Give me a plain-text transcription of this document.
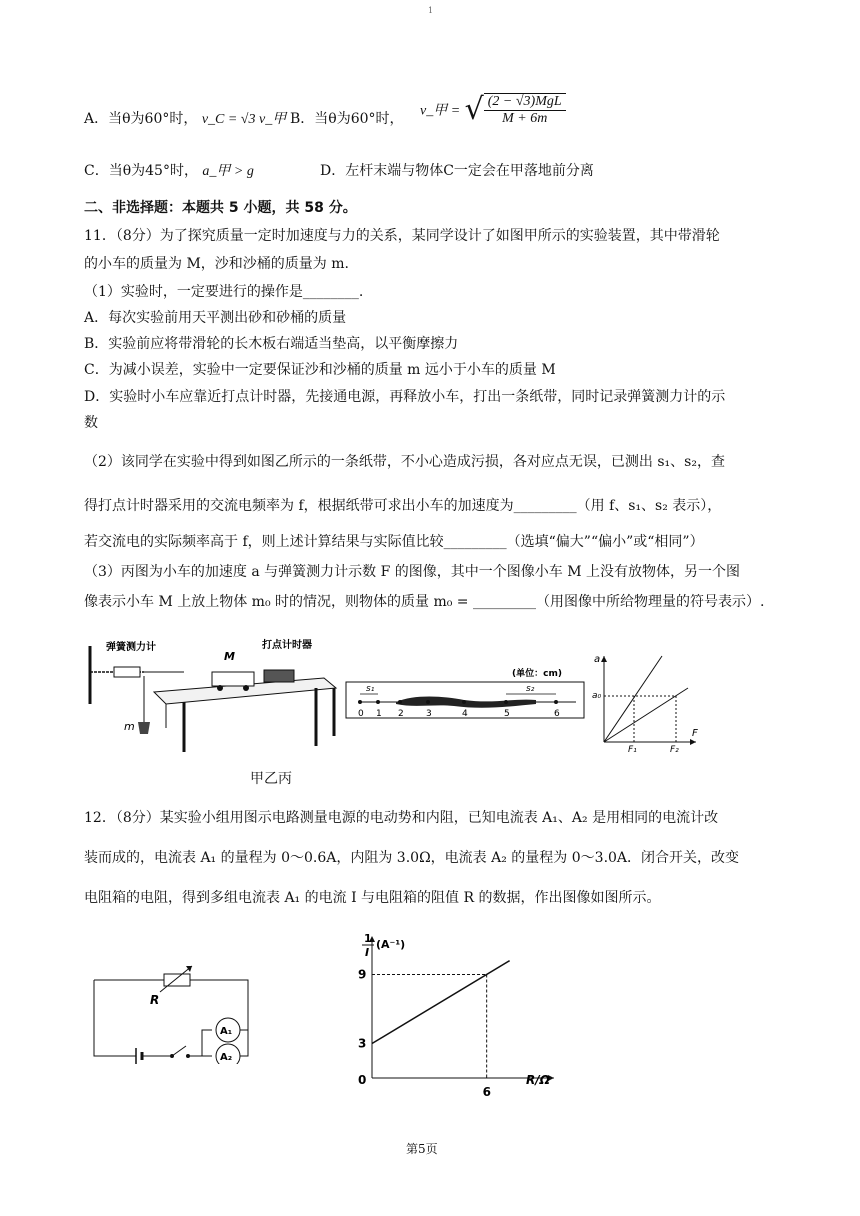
1
A．当θ为60°时， v_C = √3 v_甲 B．当θ为60°时， v_甲 = √ $\frac{\text{(2 − √3)MgL}}{M + 6m}$
C．当θ为45°时， a_甲 > g	D．左杆末端与物体C一定会在甲落地前分离
二、非选择题：本题共 5 小题，共 58 分。
11．（8分）为了探究质量一定时加速度与力的关系，某同学设计了如图甲所示的实验装置，其中带滑轮
的小车的质量为 M，沙和沙桶的质量为 m.
（1）实验时，一定要进行的操作是________.
A．每次实验前用天平测出砂和砂桶的质量
B．实验前应将带滑轮的长木板右端适当垫高，以平衡摩擦力
C．为减小误差，实验中一定要保证沙和沙桶的质量 m 远小于小车的质量 M
D．实验时小车应靠近打点计时器，先接通电源，再释放小车，打出一条纸带，同时记录弹簧测力计的示
数
（2）该同学在实验中得到如图乙所示的一条纸带，不小心造成污损，各对应点无误，已测出 s₁、s₂，查
得打点计时器采用的交流电频率为 f，根据纸带可求出小车的加速度为_________（用 f、s₁、s₂ 表示），
若交流电的实际频率高于 f，则上述计算结果与实际值比较_________（选填“偏大”“偏小”或“相同”）
（3）丙图为小车的加速度 a 与弹簧测力计示数 F 的图像，其中一个图像小车 M 上没有放物体，另一个图
像表示小车 M 上放上物体 m₀ 时的情况，则物体的质量 m₀ = _________（用图像中所给物理量的符号表示）.
弹簧测力计	打点计时器
M
m
(单位：cm)
0 1 2 3	4	5	6
s₁	s₂
a
a₀
F
F₁	F₂
甲乙丙
12．（8分）某实验小组用图示电路测量电源的电动势和内阻，已知电流表 A₁、A₂ 是用相同的电流计改
装而成的，电流表 A₁ 的量程为 0～0.6A，内阻为 3.0Ω，电流表 A₂ 的量程为 0～3.0A．闭合开关，改变
电阻箱的电阻，得到多组电流表 A₁ 的电流 I 与电阻箱的阻值 R 的数据，作出图像如图所示。
R
A₁
A₂
3
9
6
1
I
(A⁻¹)
R/Ω
0
第5页
